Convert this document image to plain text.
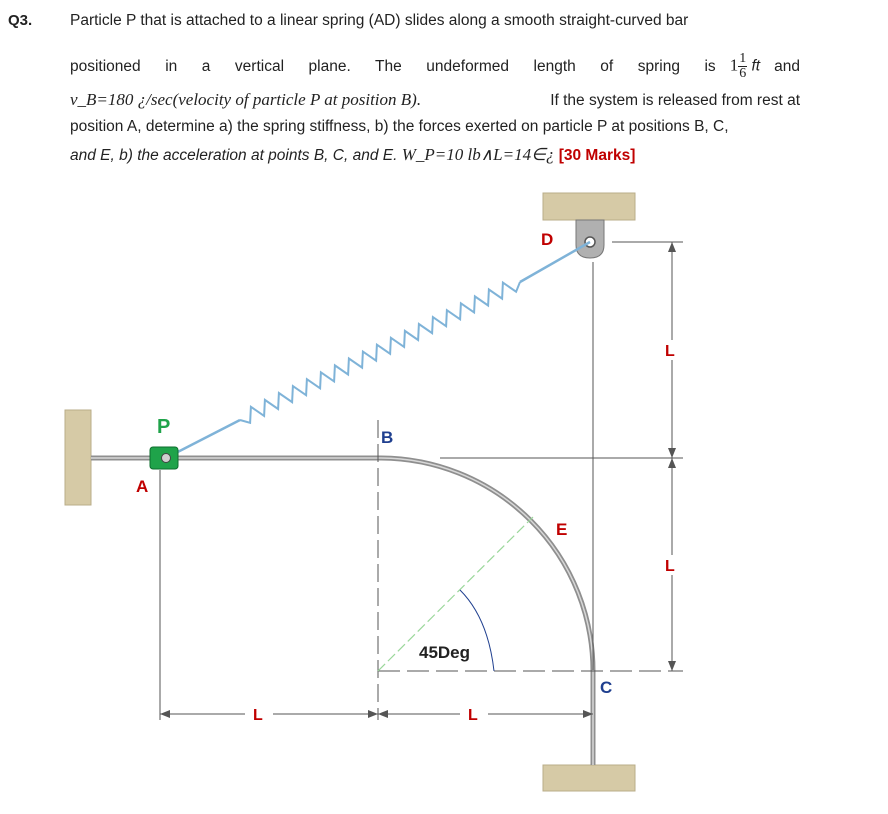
Q3. Particle P that is attached to a linear spring (AD) slides along a smooth straight-curved bar
positioned in a vertical plane. The undeformed length of spring is $1 \frac{1}{6}$ ft and
v_B=180 ¿/sec(velocity of particle P at position B).	If the system is released from rest at
position A, determine a) the spring stiffness, b) the forces exerted on particle P at positions B, C,
and E, b) the acceleration at points B, C, and E. W_P=10 lb∧L=14∈¿ [30 Marks]
D
P
A
B
E
C
L
L
L	L
45Deg
